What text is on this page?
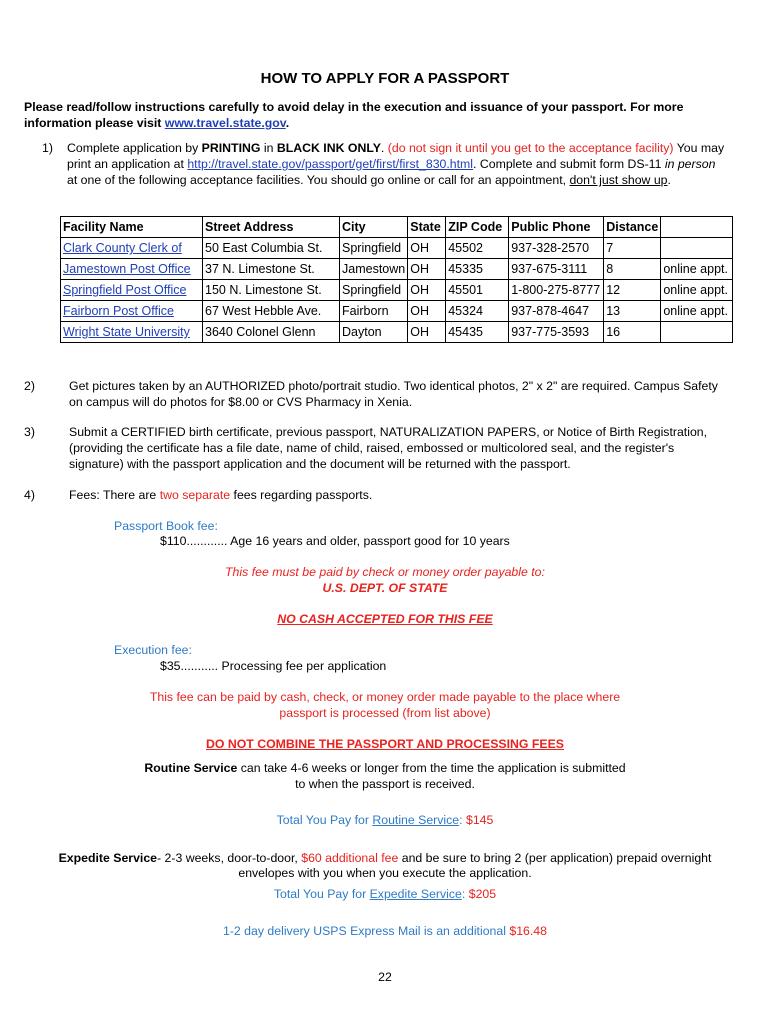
HOW TO APPLY FOR A PASSPORT
Please read/follow instructions carefully to avoid delay in the execution and issuance of your passport. For more information please visit www.travel.state.gov.
1) Complete application by PRINTING in BLACK INK ONLY. (do not sign it until you get to the acceptance facility) You may print an application at http://travel.state.gov/passport/get/first/first_830.html. Complete and submit form DS-11 in person at one of the following acceptance facilities. You should go online or call for an appointment, don't just show up.
Facility Name	Street Address	City	State	ZIP Code	Public Phone	Distance	
Clark County Clerk of	50 East Columbia St.	Springfield	OH	45502	937-328-2570	7	
Jamestown Post Office	37 N. Limestone St.	Jamestown	OH	45335	937-675-3111	8	online appt.
Springfield Post Office	150 N. Limestone St.	Springfield	OH	45501	1-800-275-8777	12	online appt.
Fairborn Post Office	67 West Hebble Ave.	Fairborn	OH	45324	937-878-4647	13	online appt.
Wright State University	3640 Colonel Glenn	Dayton	OH	45435	937-775-3593	16	
2)	Get pictures taken by an AUTHORIZED photo/portrait studio. Two identical photos, 2" x 2" are required. Campus Safety on campus will do photos for $8.00 or CVS Pharmacy in Xenia.
3)	Submit a CERTIFIED birth certificate, previous passport, NATURALIZATION PAPERS, or Notice of Birth Registration, (providing the certificate has a file date, name of child, raised, embossed or multicolored seal, and the register's signature) with the passport application and the document will be returned with the passport.
4)	Fees: There are two separate fees regarding passports.
Passport Book fee:
$110............ Age 16 years and older, passport good for 10 years
This fee must be paid by check or money order payable to:
U.S. DEPT. OF STATE
NO CASH ACCEPTED FOR THIS FEE
Execution fee:
$35........... Processing fee per application
This fee can be paid by cash, check, or money order made payable to the place where
passport is processed (from list above)
DO NOT COMBINE THE PASSPORT AND PROCESSING FEES
Routine Service can take 4-6 weeks or longer from the time the application is submitted
to when the passport is received.
Total You Pay for Routine Service: $145
Expedite Service- 2-3 weeks, door-to-door, $60 additional fee and be sure to bring 2 (per application) prepaid overnight
envelopes with you when you execute the application.
Total You Pay for Expedite Service: $205
1-2 day delivery USPS Express Mail is an additional $16.48
22
